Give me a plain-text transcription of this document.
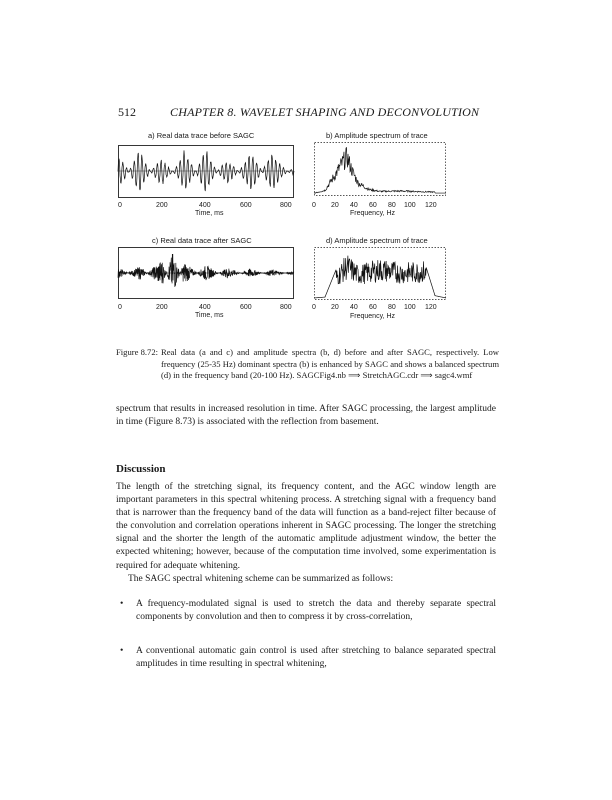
512	CHAPTER 8. WAVELET SHAPING AND DECONVOLUTION
a) Real data trace before SAGC
0	200	400	600	800
Time, ms
b) Amplitude spectrum of trace
0 20 40 60 80 100 120
Frequency, Hz
c) Real data trace after SAGC
0	200	400	600	800
Time, ms
d) Amplitude spectrum of trace
0 20 40 60 80 100 120
Frequency, Hz
Figure 8.72: Real data (a and c) and amplitude spectra (b, d) before and after SAGC, respectively. Low frequency (25-35 Hz) dominant spectra (b) is enhanced by SAGC and shows a balanced spectrum (d) in the frequency band (20-100 Hz). SAGCFig4.nb ⟹ StretchAGC.cdr ⟹ sagc4.wmf
spectrum that results in increased resolution in time. After SAGC processing, the largest amplitude in time (Figure 8.73) is associated with the reflection from basement.
Discussion
The length of the stretching signal, its frequency content, and the AGC window length are important parameters in this spectral whitening process. A stretching signal with a frequency band that is narrower than the frequency band of the data will function as a band-reject filter because of the convolution and correlation operations inherent in SAGC processing. The longer the stretching signal and the shorter the length of the automatic amplitude adjustment window, the better the expected whitening; however, because of the computation time involved, some experimentation is required for adequate whitening.
The SAGC spectral whitening scheme can be summarized as follows:
• A frequency-modulated signal is used to stretch the data and thereby separate spectral components by convolution and then to compress it by cross-correlation,
• A conventional automatic gain control is used after stretching to balance separated spectral amplitudes in time resulting in spectral whitening,
